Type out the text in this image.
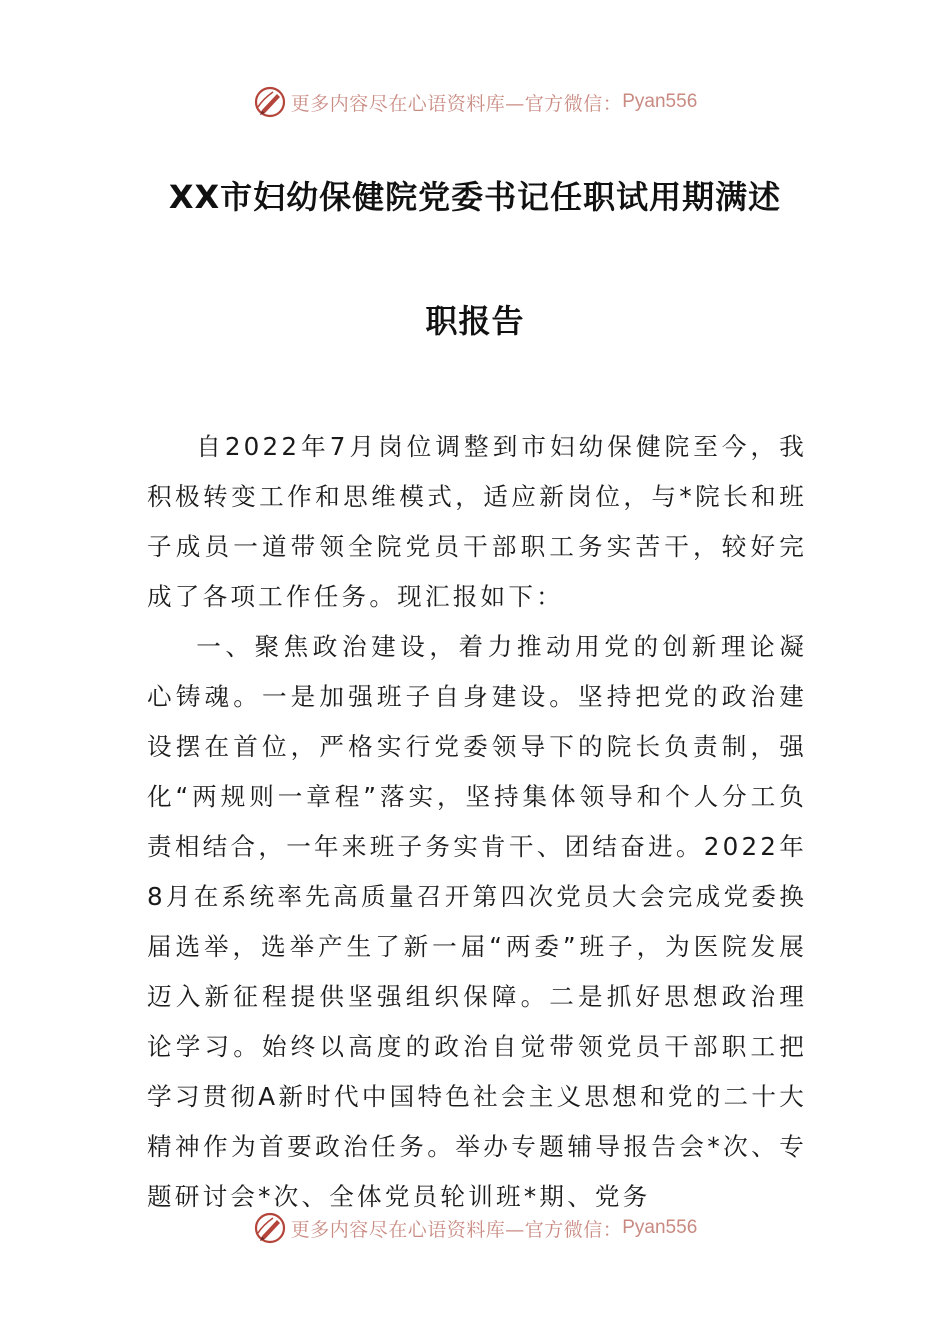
更多内容尽在心语资料库—官方微信： Pyan556
XX市妇幼保健院党委书记任职试用期满述
职报告

自2022年7月岗位调整到市妇幼保健院至今，我积极转变工作和思维模式，适应新岗位，与*院长和班子成员一道带领全院党员干部职工务实苦干，较好完成了各项工作任务。现汇报如下：

一、聚焦政治建设，着力推动用党的创新理论凝心铸魂。一是加强班子自身建设。坚持把党的政治建设摆在首位，严格实行党委领导下的院长负责制，强化“两规则一章程”落实，坚持集体领导和个人分工负责相结合，一年来班子务实肯干、团结奋进。2022年8月在系统率先高质量召开第四次党员大会完成党委换届选举，选举产生了新一届“两委”班子，为医院发展迈入新征程提供坚强组织保障。二是抓好思想政治理论学习。始终以高度的政治自觉带领党员干部职工把学习贯彻A新时代中国特色社会主义思想和党的二十大精神作为首要政治任务。举办专题辅导报告会*次、专题研讨会*次、全体党员轮训班*期、党务

更多内容尽在心语资料库—官方微信： Pyan556
